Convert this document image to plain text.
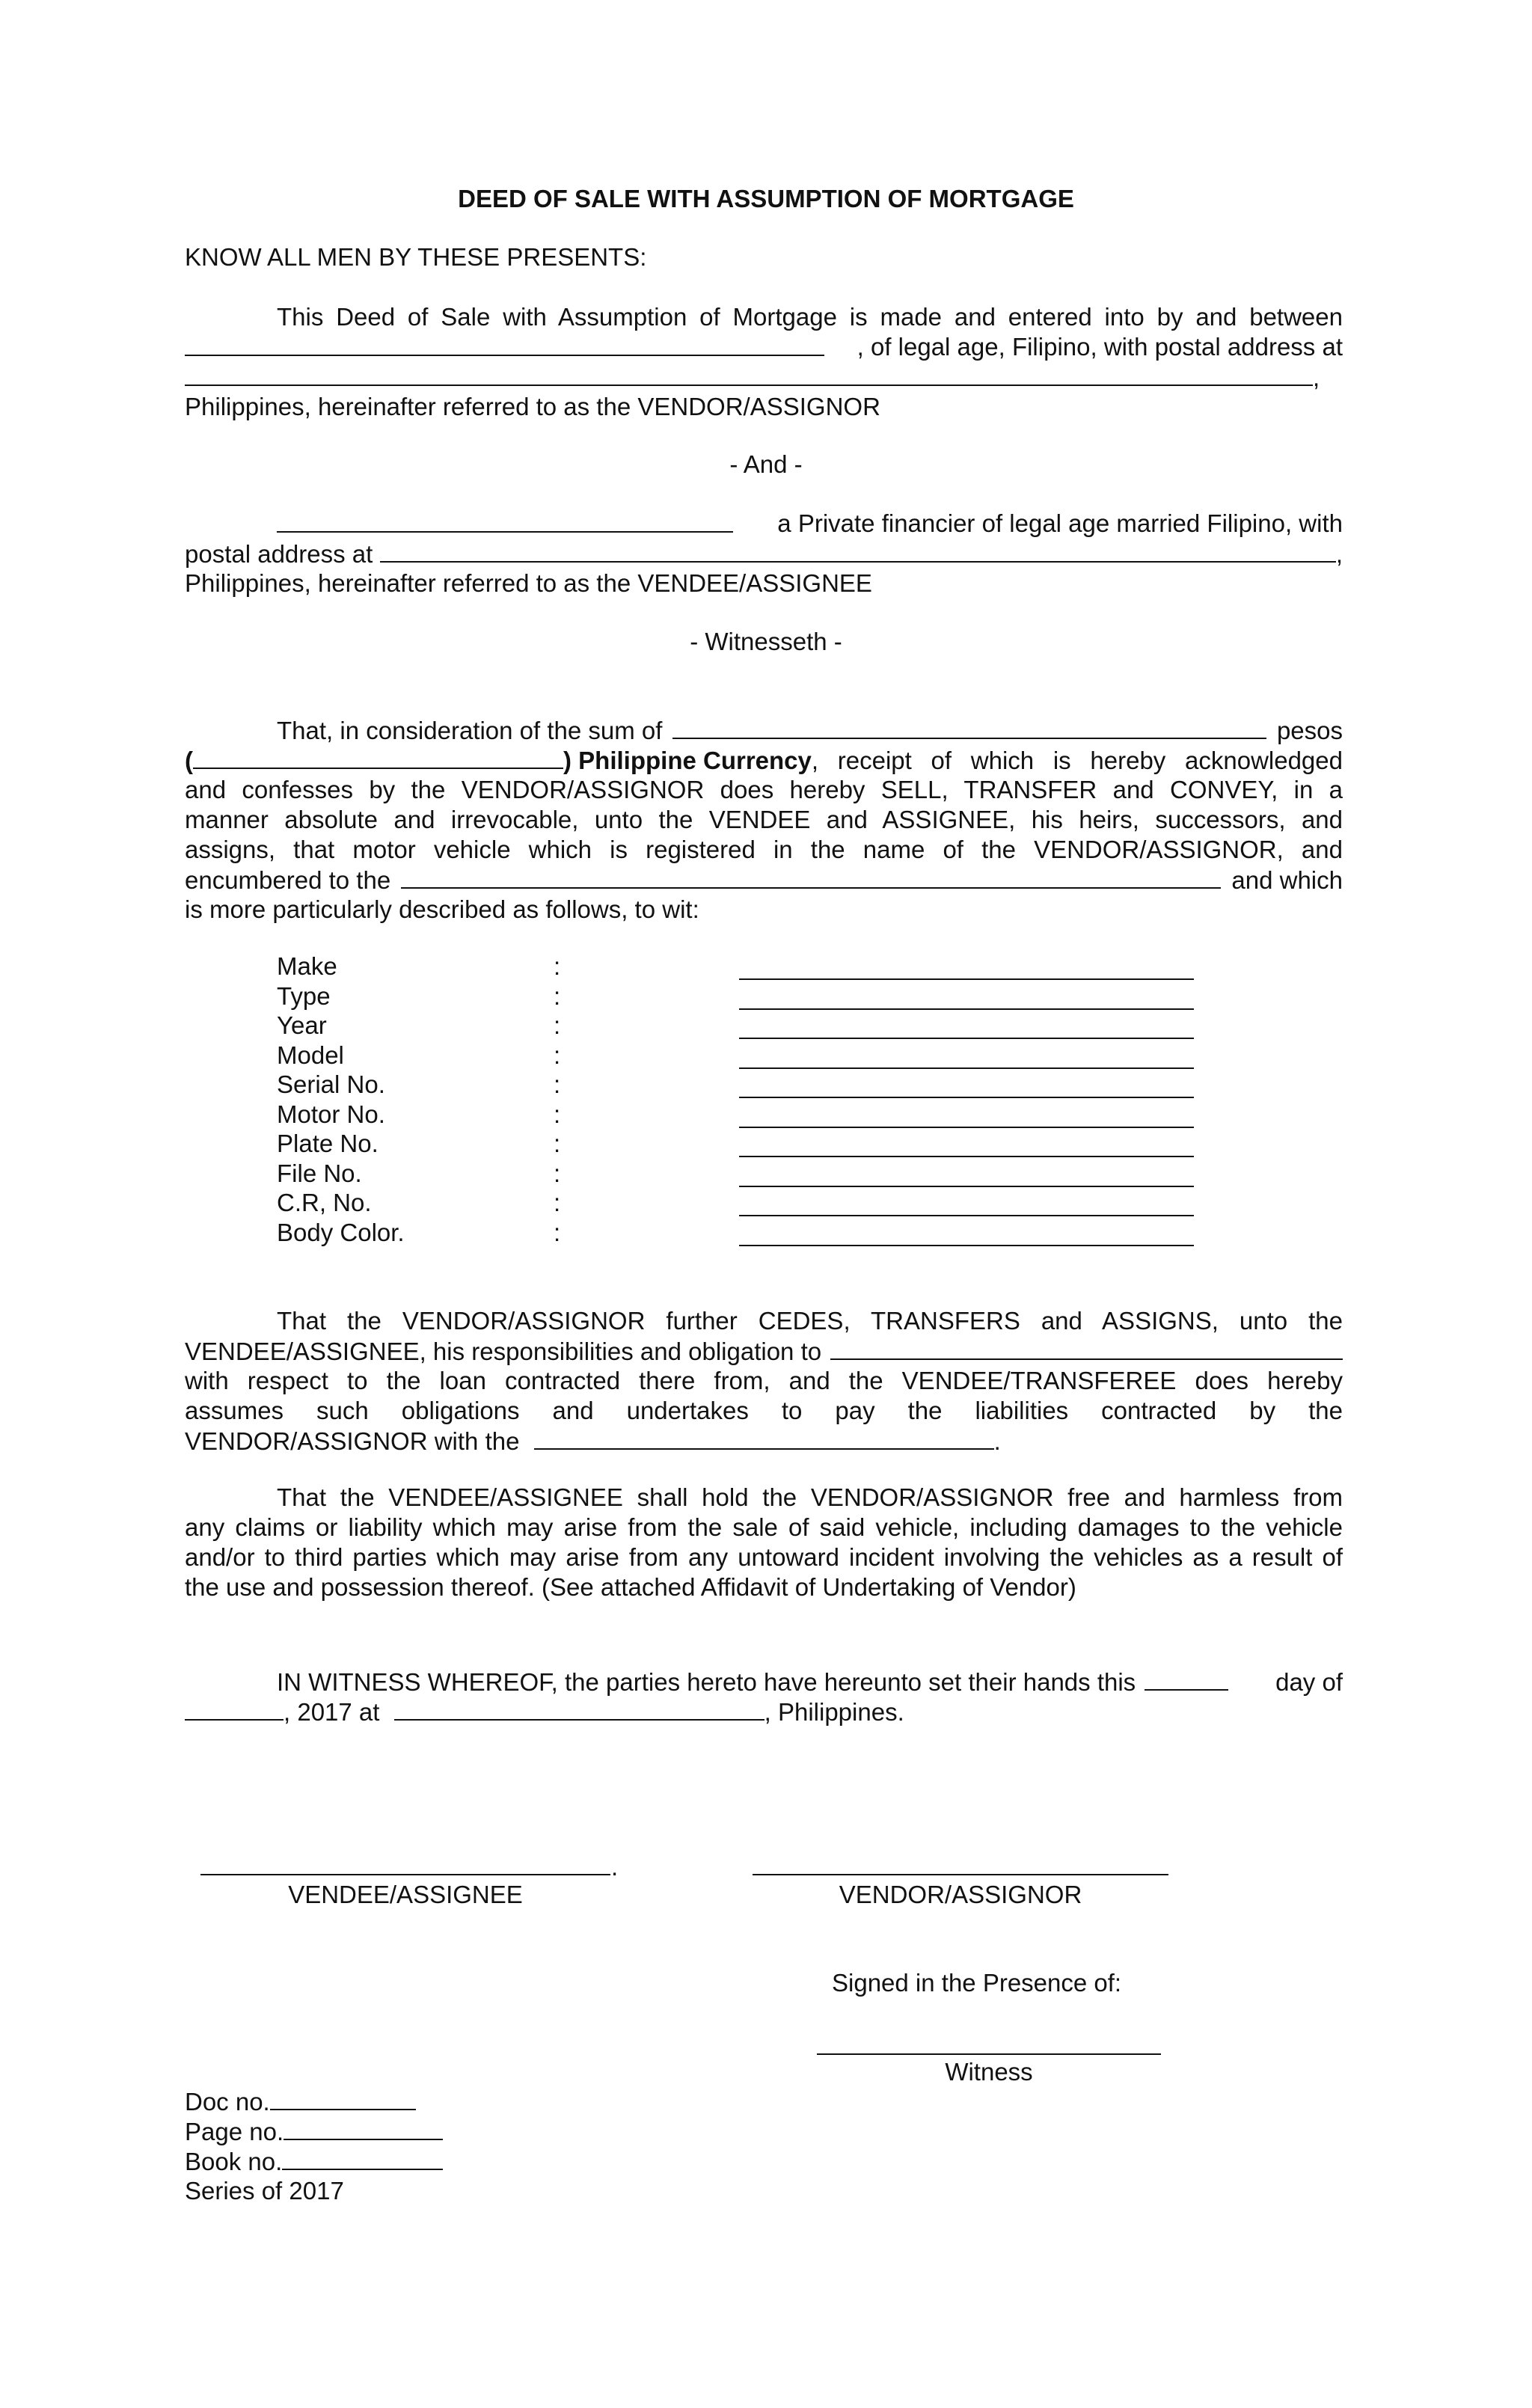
DEED OF SALE WITH ASSUMPTION OF MORTGAGE
KNOW ALL MEN BY THESE PRESENTS:
This Deed of Sale with Assumption of Mortgage is made and entered into by and between
, of legal age, Filipino, with postal address at
,
Philippines, hereinafter referred to as the VENDOR/ASSIGNOR
- And -
a Private financier of legal age married Filipino, with
postal address at	,
Philippines, hereinafter referred to as the VENDEE/ASSIGNEE
- Witnesseth -
That, in consideration of the sum of	pesos
(	) Philippine Currency , receipt of which is hereby acknowledged
and confesses by the VENDOR/ASSIGNOR does hereby SELL, TRANSFER and CONVEY, in a
manner absolute and irrevocable, unto the VENDEE and ASSIGNEE, his heirs, successors, and
assigns, that motor vehicle which is registered in the name of the VENDOR/ASSIGNOR, and
encumbered to the	and which
is more particularly described as follows, to wit:
Make	:
Type	:
Year	:
Model	:
Serial No.	:
Motor No.	:
Plate No.	:
File No.	:
C.R, No.	:
Body Color.	:
That the VENDOR/ASSIGNOR further CEDES, TRANSFERS and ASSIGNS, unto the
VENDEE/ASSIGNEE, his responsibilities and obligation to
with respect to the loan contracted there from, and the VENDEE/TRANSFEREE does hereby
assumes such obligations and undertakes to pay the liabilities contracted by the
VENDOR/ASSIGNOR with the	.
That the VENDEE/ASSIGNEE shall hold the VENDOR/ASSIGNOR free and harmless from
any claims or liability which may arise from the sale of said vehicle, including damages to the vehicle
and/or to third parties which may arise from any untoward incident involving the vehicles as a result of
the use and possession thereof. (See attached Affidavit of Undertaking of Vendor)
IN WITNESS WHEREOF, the parties hereto have hereunto set their hands this	day of
, 2017 at	, Philippines.
.
VENDEE/ASSIGNEE	VENDOR/ASSIGNOR
Signed in the Presence of:
Witness
Doc no.
Page no.
Book no.
Series of 2017
